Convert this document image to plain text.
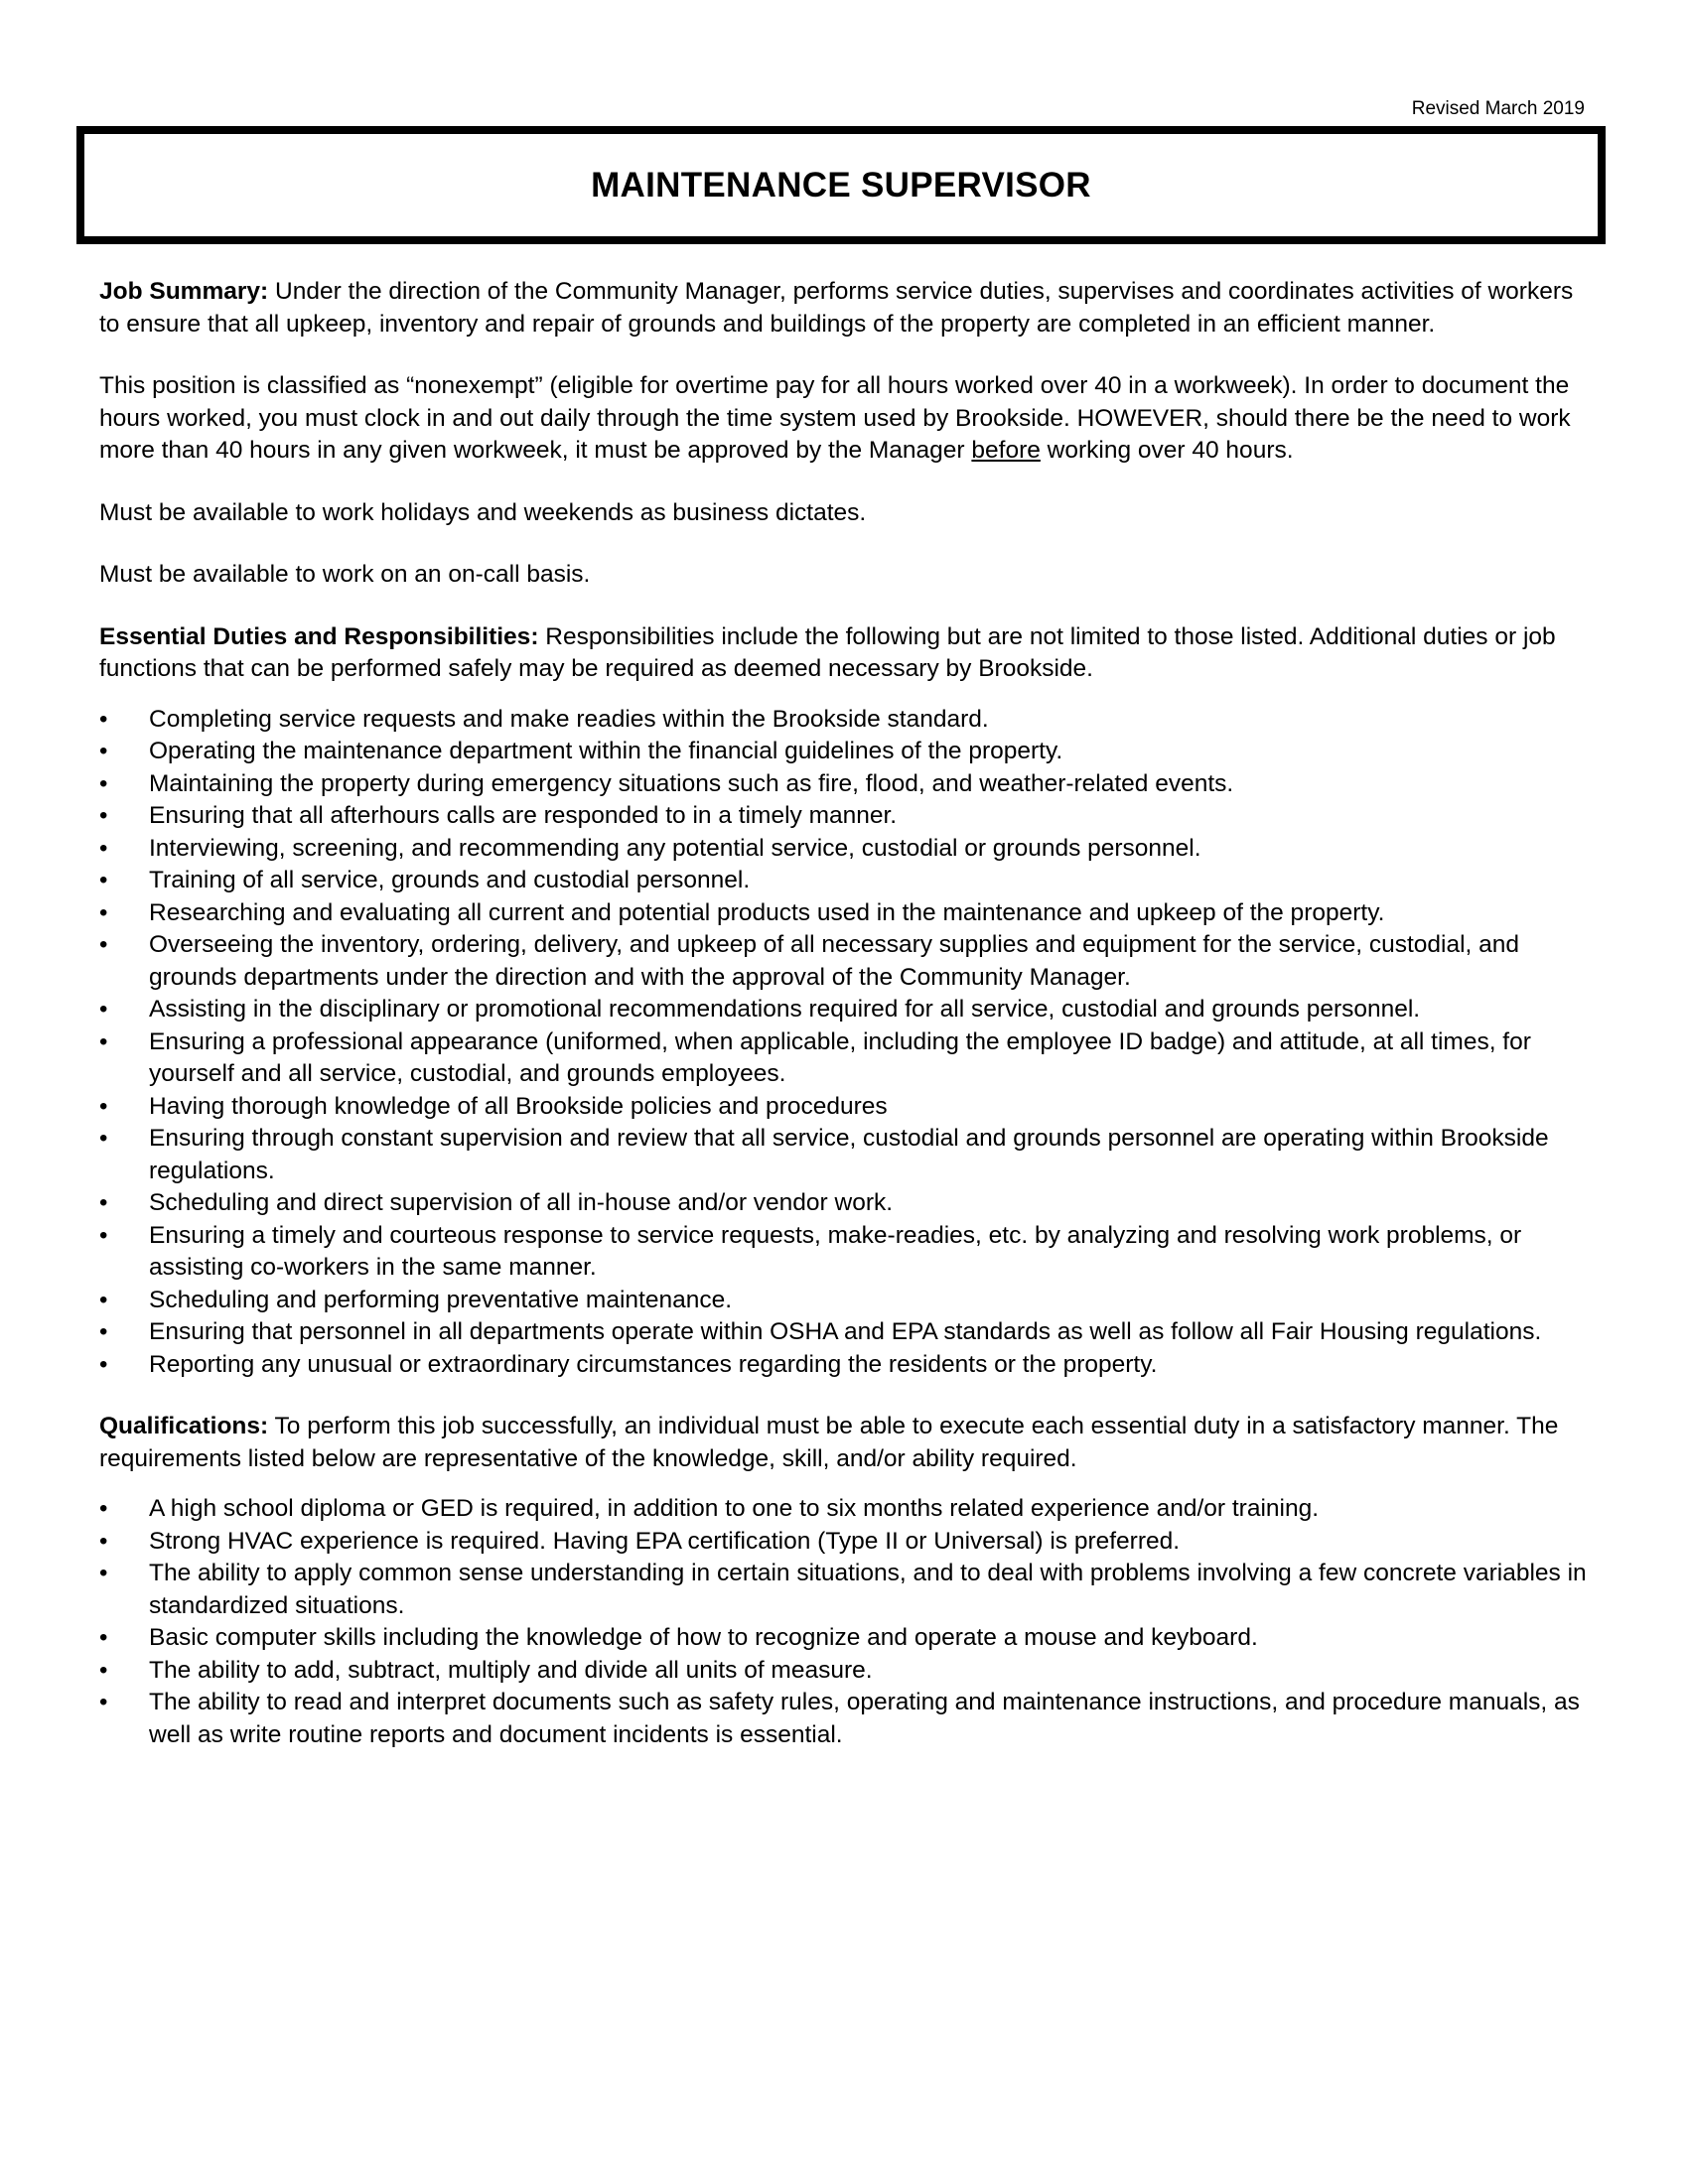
Revised March 2019
MAINTENANCE SUPERVISOR

Job Summary: Under the direction of the Community Manager, performs service duties, supervises and coordinates activities of workers to ensure that all upkeep, inventory and repair of grounds and buildings of the property are completed in an efficient manner.

This position is classified as “nonexempt” (eligible for overtime pay for all hours worked over 40 in a workweek). In order to document the hours worked, you must clock in and out daily through the time system used by Brookside. HOWEVER, should there be the need to work more than 40 hours in any given workweek, it must be approved by the Manager before working over 40 hours.

Must be available to work holidays and weekends as business dictates.

Must be available to work on an on-call basis.

Essential Duties and Responsibilities: Responsibilities include the following but are not limited to those listed. Additional duties or job functions that can be performed safely may be required as deemed necessary by Brookside.

• Completing service requests and make readies within the Brookside standard.
• Operating the maintenance department within the financial guidelines of the property.
• Maintaining the property during emergency situations such as fire, flood, and weather-related events.
• Ensuring that all afterhours calls are responded to in a timely manner.
• Interviewing, screening, and recommending any potential service, custodial or grounds personnel.
• Training of all service, grounds and custodial personnel.
• Researching and evaluating all current and potential products used in the maintenance and upkeep of the property.
• Overseeing the inventory, ordering, delivery, and upkeep of all necessary supplies and equipment for the service, custodial, and grounds departments under the direction and with the approval of the Community Manager.
• Assisting in the disciplinary or promotional recommendations required for all service, custodial and grounds personnel.
• Ensuring a professional appearance (uniformed, when applicable, including the employee ID badge) and attitude, at all times, for yourself and all service, custodial, and grounds employees.
• Having thorough knowledge of all Brookside policies and procedures
• Ensuring through constant supervision and review that all service, custodial and grounds personnel are operating within Brookside regulations.
• Scheduling and direct supervision of all in-house and/or vendor work.
• Ensuring a timely and courteous response to service requests, make-readies, etc. by analyzing and resolving work problems, or assisting co-workers in the same manner.
• Scheduling and performing preventative maintenance.
• Ensuring that personnel in all departments operate within OSHA and EPA standards as well as follow all Fair Housing regulations.
• Reporting any unusual or extraordinary circumstances regarding the residents or the property.

Qualifications: To perform this job successfully, an individual must be able to execute each essential duty in a satisfactory manner. The requirements listed below are representative of the knowledge, skill, and/or ability required.

• A high school diploma or GED is required, in addition to one to six months related experience and/or training.
• Strong HVAC experience is required. Having EPA certification (Type II or Universal) is preferred.
• The ability to apply common sense understanding in certain situations, and to deal with problems involving a few concrete variables in standardized situations.
• Basic computer skills including the knowledge of how to recognize and operate a mouse and keyboard.
• The ability to add, subtract, multiply and divide all units of measure.
• The ability to read and interpret documents such as safety rules, operating and maintenance instructions, and procedure manuals, as well as write routine reports and document incidents is essential.
